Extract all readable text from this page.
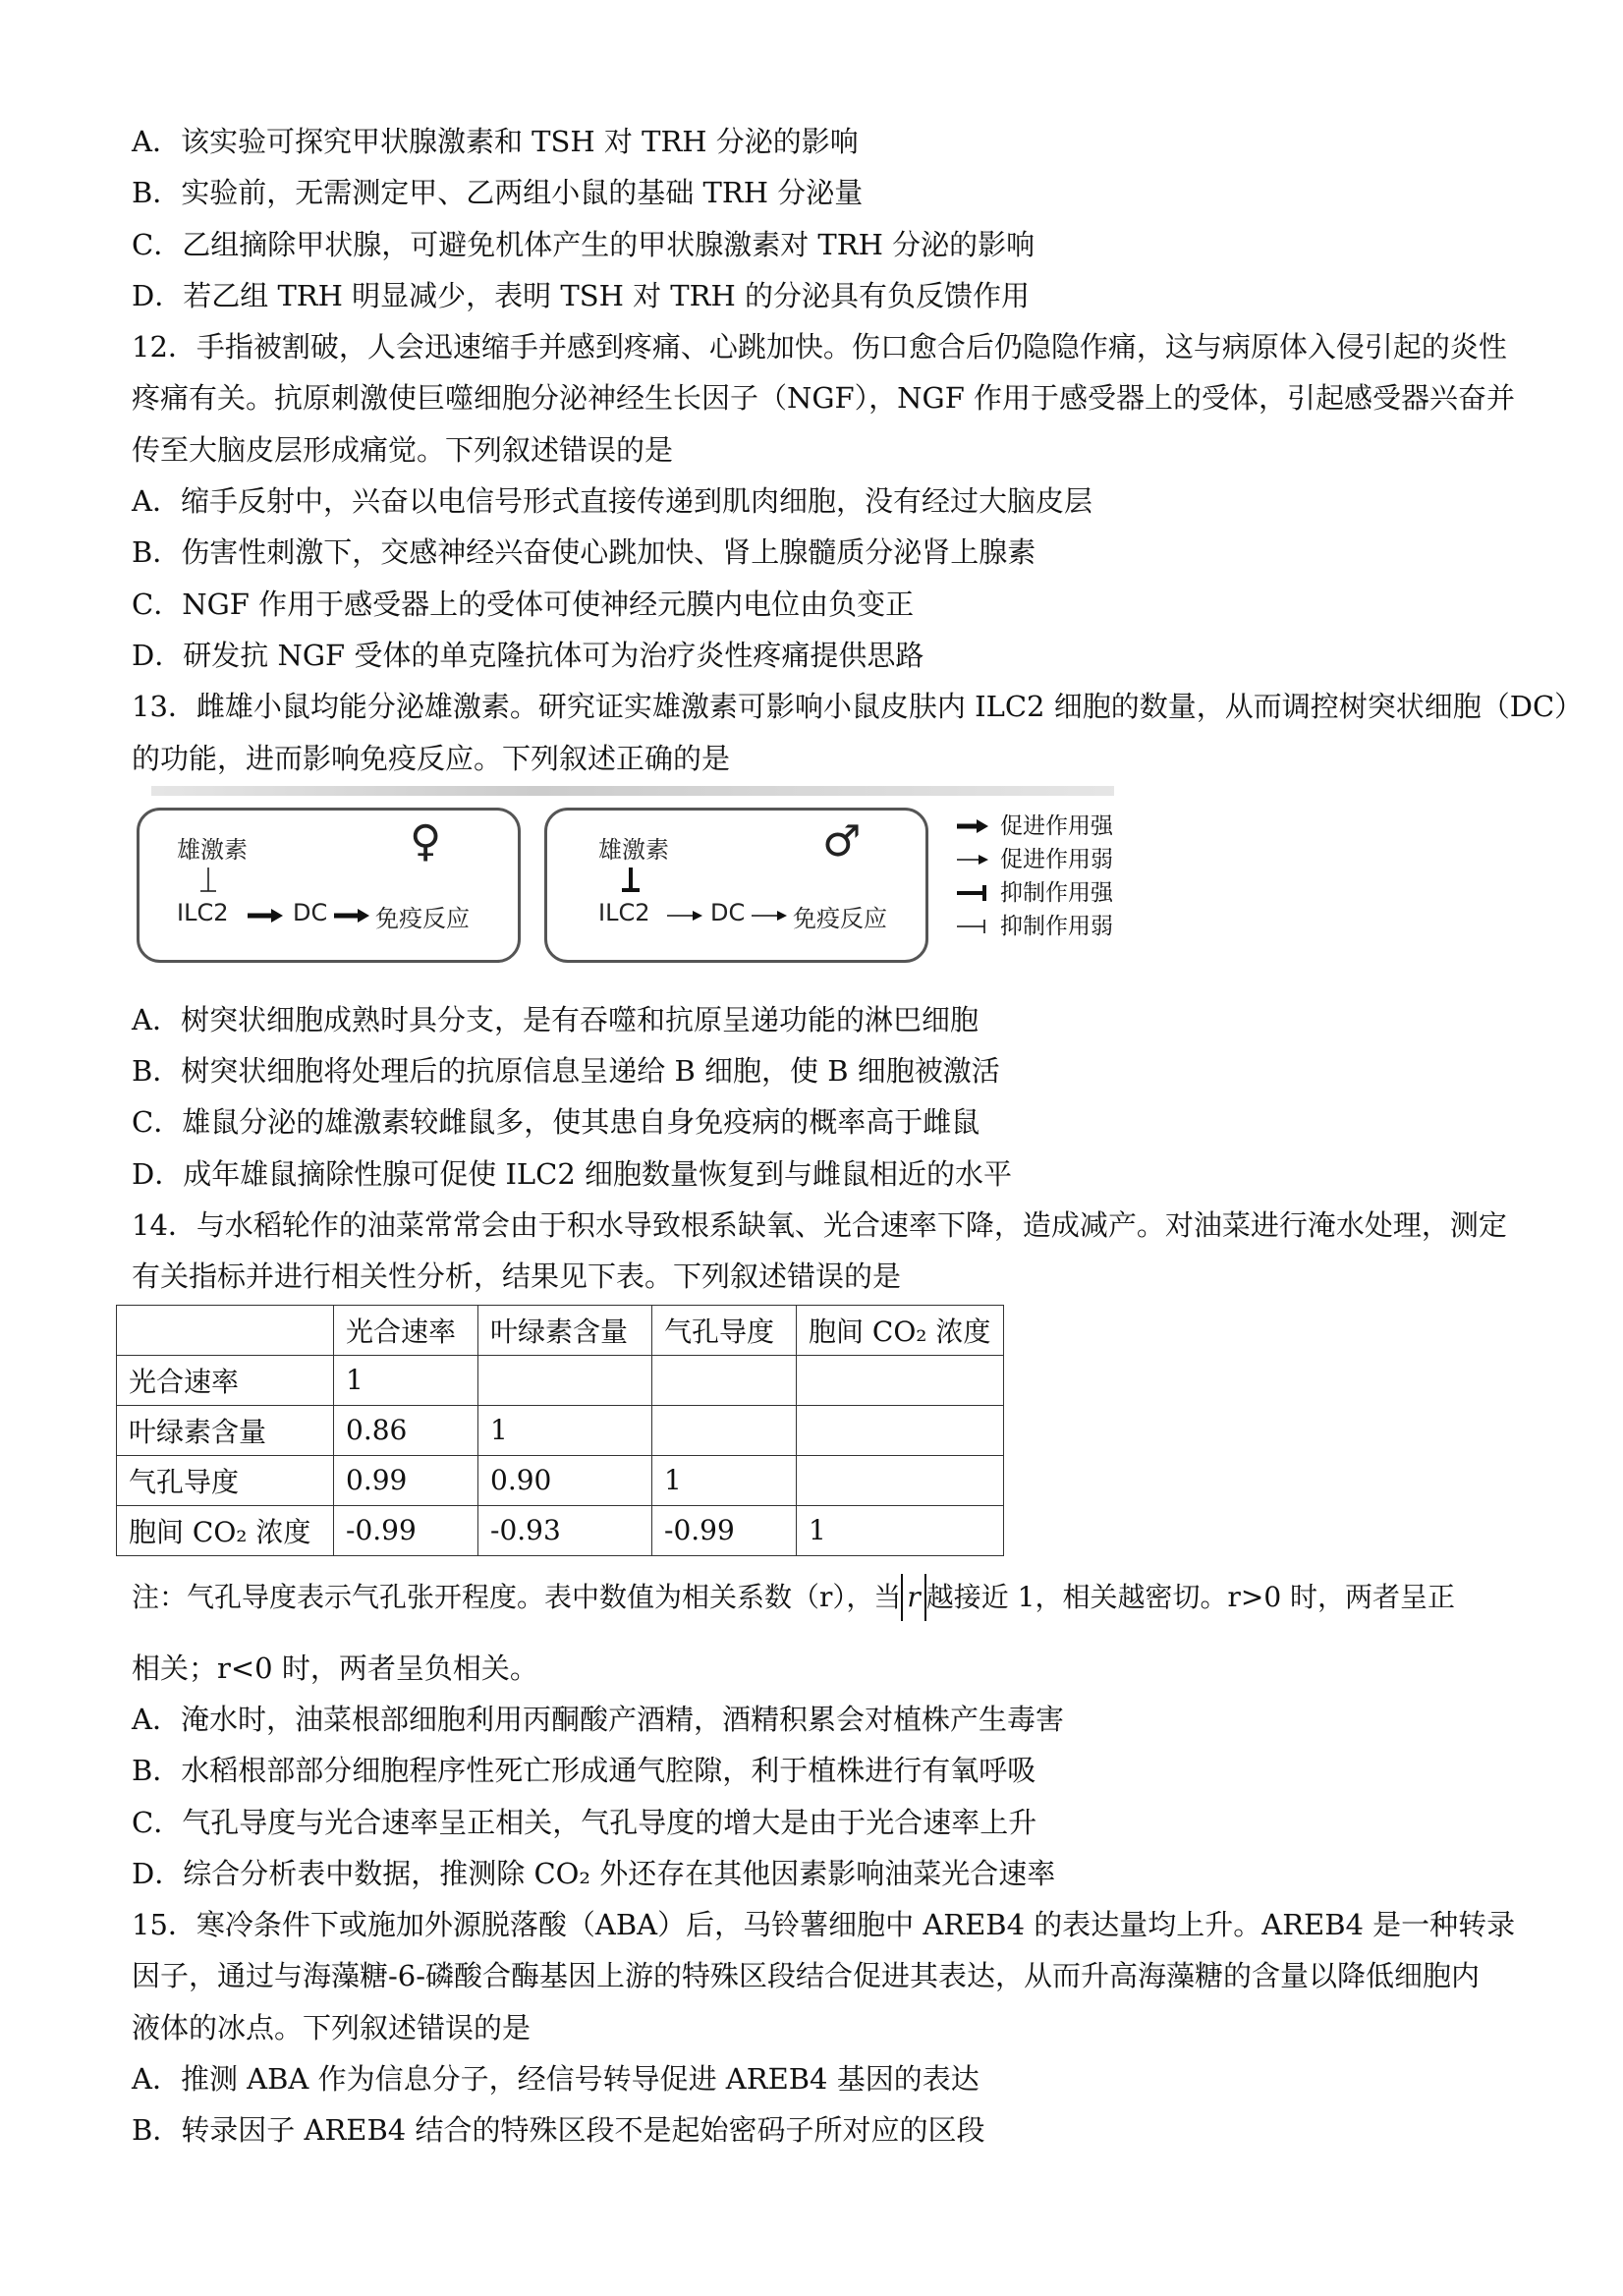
A．该实验可探究甲状腺激素和 TSH 对 TRH 分泌的影响
B．实验前，无需测定甲、乙两组小鼠的基础 TRH 分泌量
C．乙组摘除甲状腺，可避免机体产生的甲状腺激素对 TRH 分泌的影响
D．若乙组 TRH 明显减少，表明 TSH 对 TRH 的分泌具有负反馈作用
12．手指被割破，人会迅速缩手并感到疼痛、心跳加快。伤口愈合后仍隐隐作痛，这与病原体入侵引起的炎性
疼痛有关。抗原刺激使巨噬细胞分泌神经生长因子（NGF），NGF 作用于感受器上的受体，引起感受器兴奋并
传至大脑皮层形成痛觉。下列叙述错误的是
A．缩手反射中，兴奋以电信号形式直接传递到肌肉细胞，没有经过大脑皮层
B．伤害性刺激下，交感神经兴奋使心跳加快、肾上腺髓质分泌肾上腺素
C．NGF 作用于感受器上的受体可使神经元膜内电位由负变正
D．研发抗 NGF 受体的单克隆抗体可为治疗炎性疼痛提供思路
13．雌雄小鼠均能分泌雄激素。研究证实雄激素可影响小鼠皮肤内 ILC2 细胞的数量，从而调控树突状细胞（DC）
的功能，进而影响免疫反应。下列叙述正确的是
雄激素	♀
ILC2	DC 免疫反应
雄激素	♂
ILC2	DC 免疫反应
促进作用强
促进作用弱
抑制作用强
抑制作用弱
A．树突状细胞成熟时具分支，是有吞噬和抗原呈递功能的淋巴细胞
B．树突状细胞将处理后的抗原信息呈递给 B 细胞，使 B 细胞被激活
C．雄鼠分泌的雄激素较雌鼠多，使其患自身免疫病的概率高于雌鼠
D．成年雄鼠摘除性腺可促使 ILC2 细胞数量恢复到与雌鼠相近的水平
14．与水稻轮作的油菜常常会由于积水导致根系缺氧、光合速率下降，造成减产。对油菜进行淹水处理，测定
有关指标并进行相关性分析，结果见下表。下列叙述错误的是
	光合速率	叶绿素含量	气孔导度	胞间 CO₂ 浓度
光合速率	1			
叶绿素含量	0.86	1		
气孔导度	0.99	0.90	1	
胞间 CO₂ 浓度	-0.99	-0.93	-0.99	1
注：气孔导度表示气孔张开程度。表中数值为相关系数（r），当 r 越接近 1，相关越密切。r>0 时，两者呈正
相关；r<0 时，两者呈负相关。
A．淹水时，油菜根部细胞利用丙酮酸产酒精，酒精积累会对植株产生毒害
B．水稻根部部分细胞程序性死亡形成通气腔隙，利于植株进行有氧呼吸
C．气孔导度与光合速率呈正相关，气孔导度的增大是由于光合速率上升
D．综合分析表中数据，推测除 CO₂ 外还存在其他因素影响油菜光合速率
15．寒冷条件下或施加外源脱落酸（ABA）后，马铃薯细胞中 AREB4 的表达量均上升。AREB4 是一种转录
因子，通过与海藻糖-6-磷酸合酶基因上游的特殊区段结合促进其表达，从而升高海藻糖的含量以降低细胞内
液体的冰点。下列叙述错误的是
A．推测 ABA 作为信息分子，经信号转导促进 AREB4 基因的表达
B．转录因子 AREB4 结合的特殊区段不是起始密码子所对应的区段
